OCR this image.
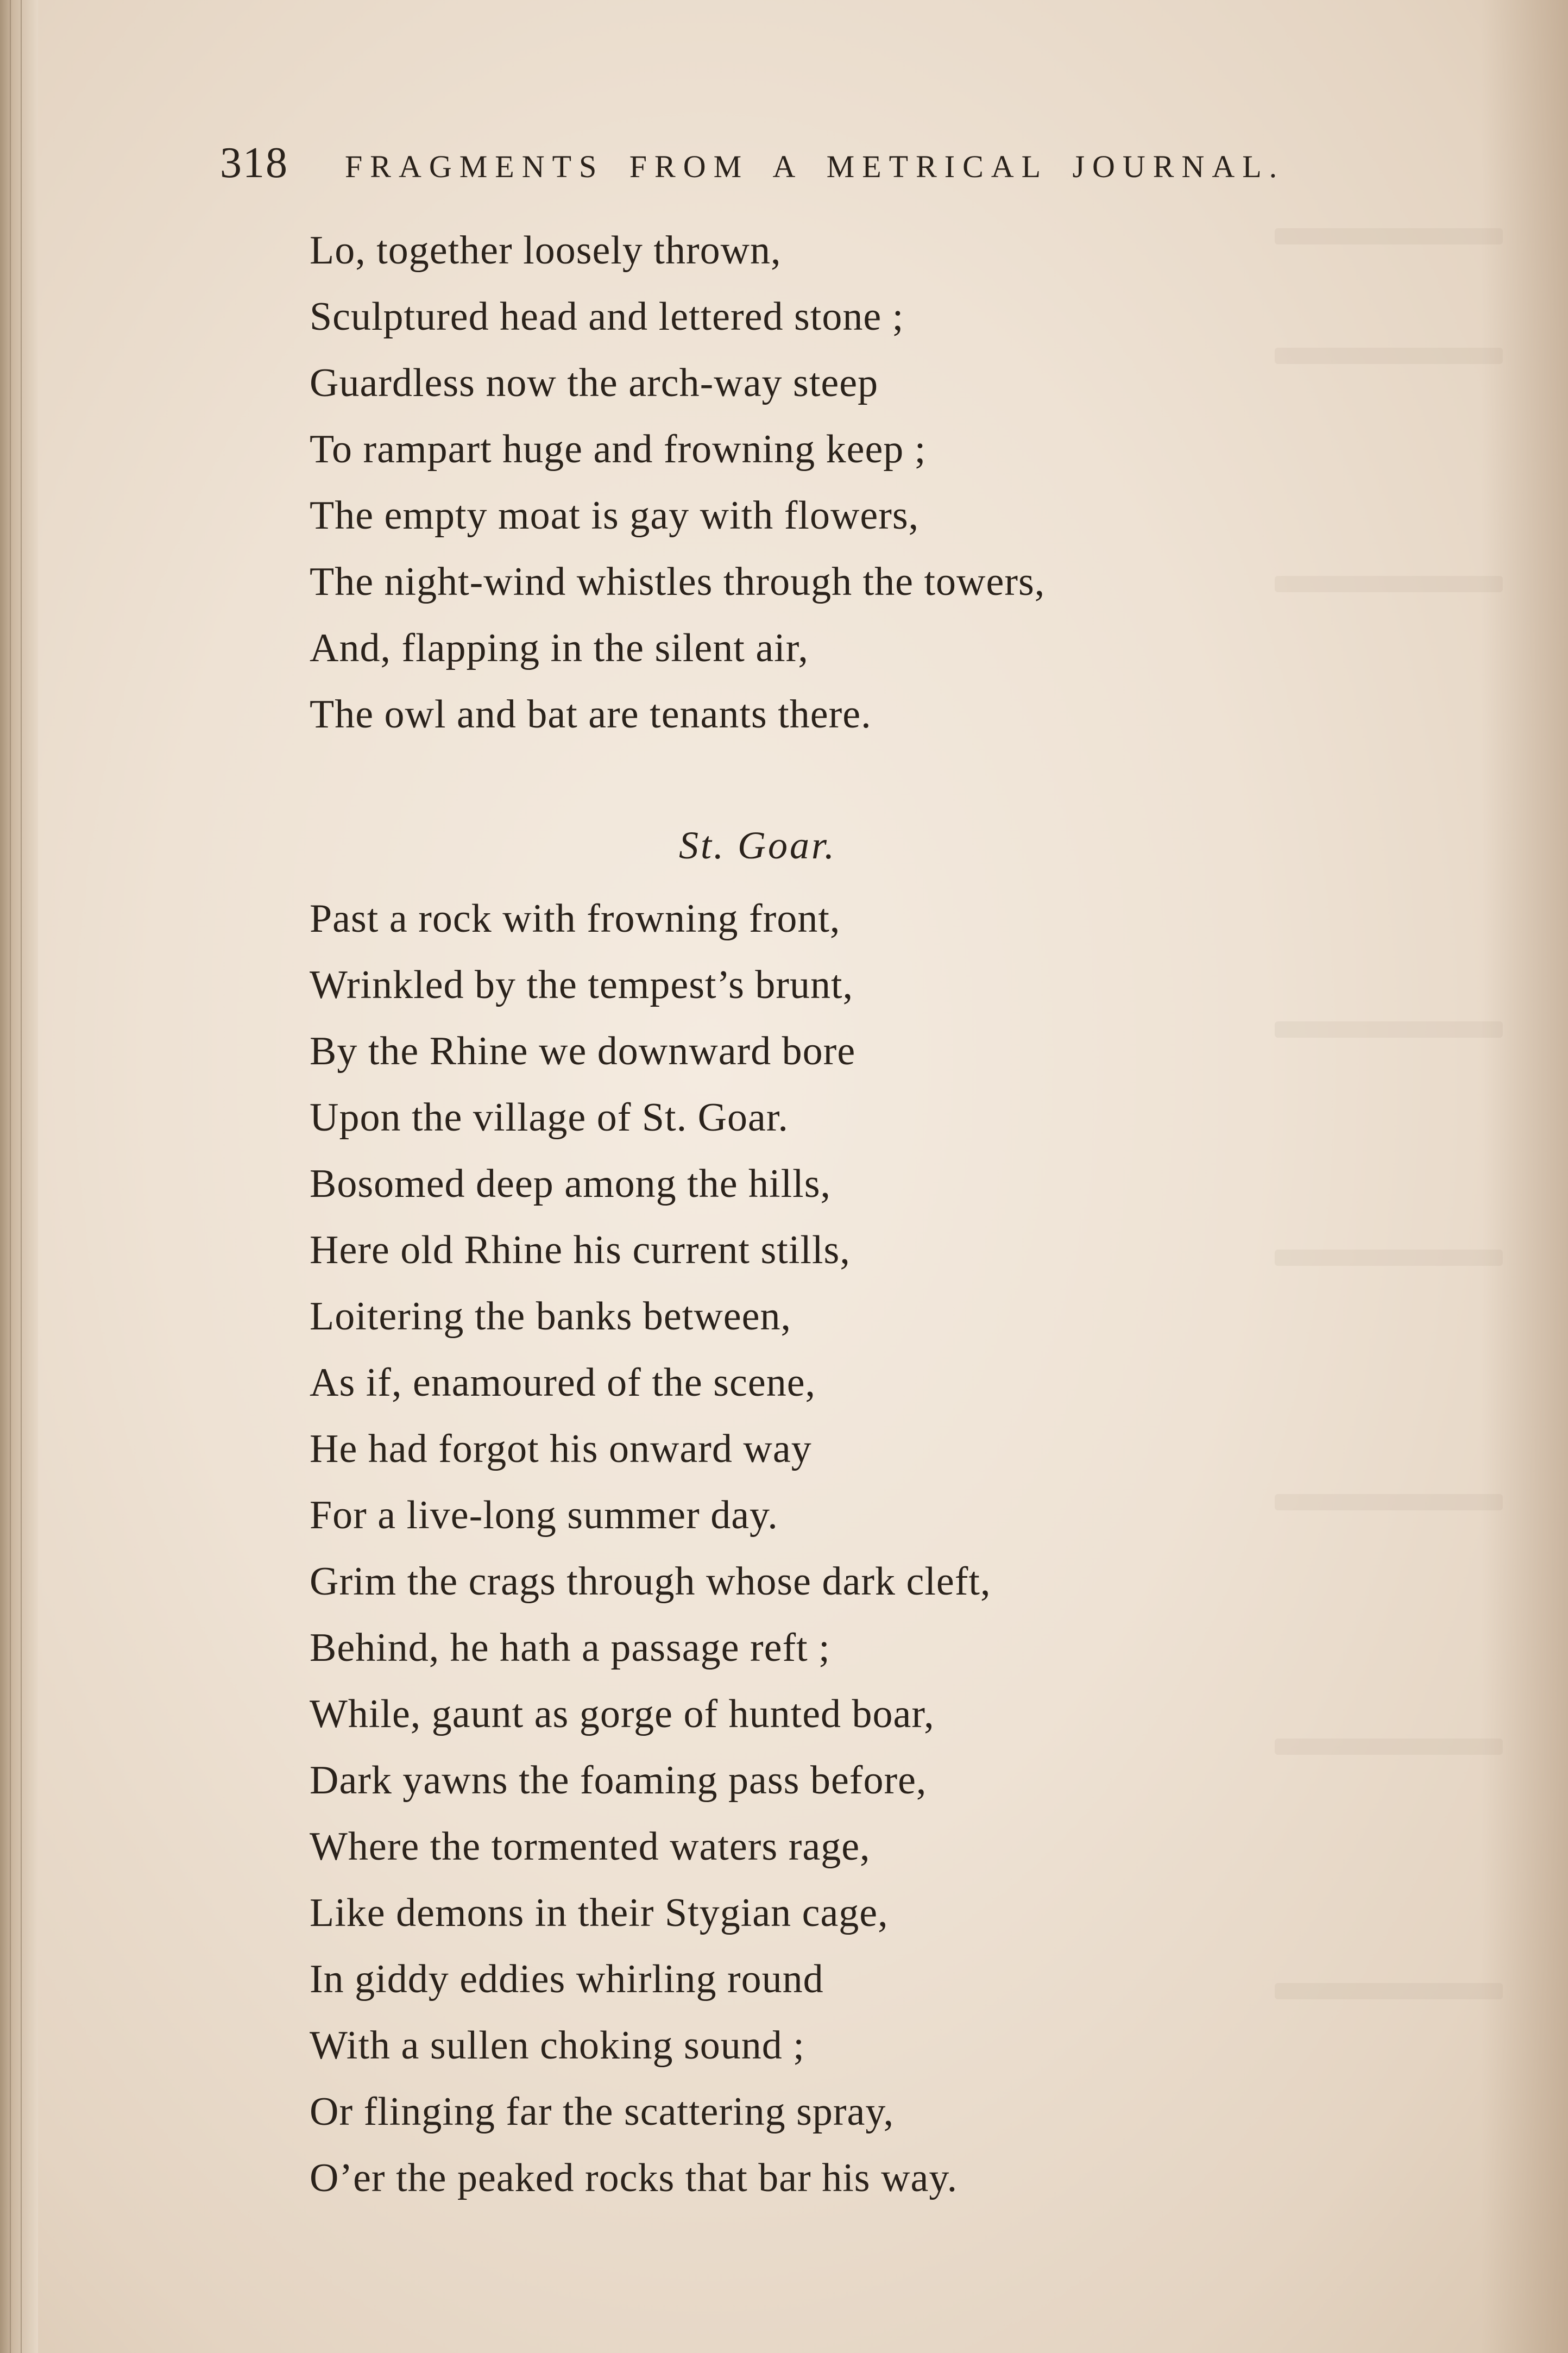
318	FRAGMENTS FROM A METRICAL JOURNAL.
Lo, together loosely thrown,
Sculptured head and lettered stone ;
Guardless now the arch-way steep
To rampart huge and frowning keep ;
The empty moat is gay with flowers,
The night-wind whistles through the towers,
And, flapping in the silent air,
The owl and bat are tenants there.
St. Goar.
Past a rock with frowning front,
Wrinkled by the tempest’s brunt,
By the Rhine we downward bore
Upon the village of St. Goar.
Bosomed deep among the hills,
Here old Rhine his current stills,
Loitering the banks between,
As if, enamoured of the scene,
He had forgot his onward way
For a live-long summer day.
Grim the crags through whose dark cleft,
Behind, he hath a passage reft ;
While, gaunt as gorge of hunted boar,
Dark yawns the foaming pass before,
Where the tormented waters rage,
Like demons in their Stygian cage,
In giddy eddies whirling round
With a sullen choking sound ;
Or flinging far the scattering spray,
O’er the peaked rocks that bar his way.
